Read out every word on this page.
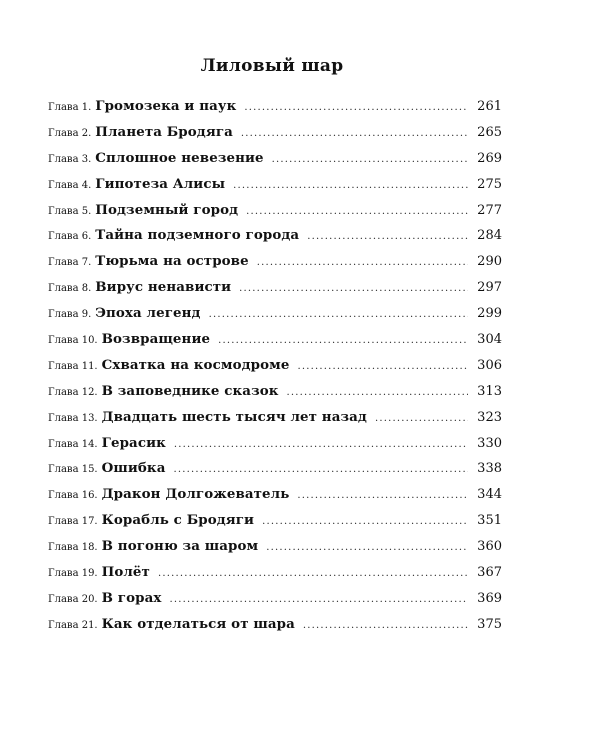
Лиловый шар
Глава 1. Громозека и паук .....	261
Глава 2. Планета Бродяга .....	265
Глава 3. Сплошное невезение .....	269
Глава 4. Гипотеза Алисы .....	275
Глава 5. Подземный город .....	277
Глава 6. Тайна подземного города .....	284
Глава 7. Тюрьма на острове .....	290
Глава 8. Вирус ненависти .....	297
Глава 9. Эпоха легенд .....	299
Глава 10. Возвращение .....	304
Глава 11. Схватка на космодроме .....	306
Глава 12. В заповеднике сказок .....	313
Глава 13. Двадцать шесть тысяч лет назад .....	323
Глава 14. Герасик .....	330
Глава 15. Ошибка .....	338
Глава 16. Дракон Долгожеватель .....	344
Глава 17. Корабль с Бродяги .....	351
Глава 18. В погоню за шаром .....	360
Глава 19. Полёт .....	367
Глава 20. В горах .....	369
Глава 21. Как отделаться от шара .....	375
